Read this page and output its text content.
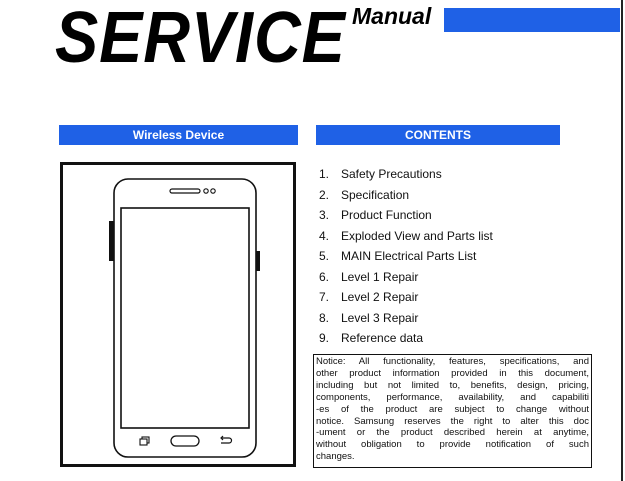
SERVICE Manual
Wireless Device	CONTENTS
1. Safety Precautions
2. Specification
3. Product Function
4. Exploded View and Parts list
5. MAIN Electrical Parts List
6. Level 1 Repair
7. Level 2 Repair
8. Level 3 Repair
9. Reference data
Notice: All functionality, features, specifications, and
other product information provided in this document,
including but not limited to, benefits, design, pricing,
components, performance, availability, and capabiliti
-es of the product are subject to change without
notice. Samsung reserves the right to alter this doc
-ument or the product described herein at anytime,
without obligation to provide notification of such
changes.
